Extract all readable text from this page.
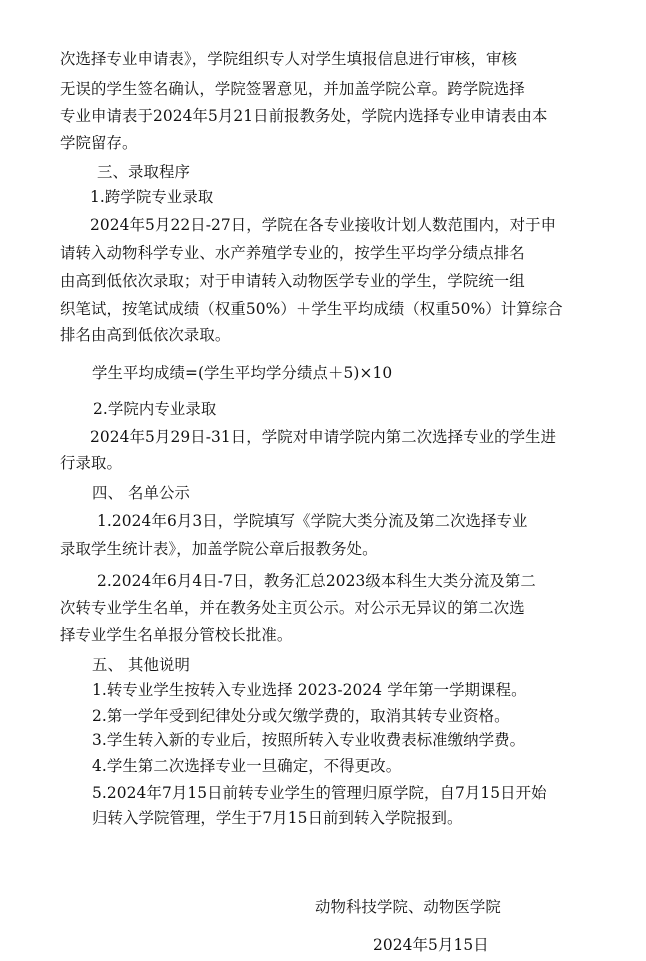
次选择专业申请表》，学院组织专人对学生填报信息进行审核，审核
无误的学生签名确认，学院签署意见，并加盖学院公章。跨学院选择
专业申请表于2024年5月21日前报教务处，学院内选择专业申请表由本
学院留存。
三、录取程序
1.跨学院专业录取
2024年5月22日-27日，学院在各专业接收计划人数范围内，对于申
请转入动物科学专业、水产养殖学专业的，按学生平均学分绩点排名
由高到低依次录取；对于申请转入动物医学专业的学生，学院统一组
织笔试，按笔试成绩（权重50%）＋学生平均成绩（权重50%）计算综合
排名由高到低依次录取。
学生平均成绩=(学生平均学分绩点＋5)×10
2.学院内专业录取
2024年5月29日-31日，学院对申请学院内第二次选择专业的学生进
行录取。
四、 名单公示
1.2024年6月3日，学院填写《学院大类分流及第二次选择专业
录取学生统计表》，加盖学院公章后报教务处。
2.2024年6月4日-7日，教务汇总2023级本科生大类分流及第二
次转专业学生名单，并在教务处主页公示。对公示无异议的第二次选
择专业学生名单报分管校长批准。
五、 其他说明
1.转专业学生按转入专业选择 2023-2024 学年第一学期课程。
2.第一学年受到纪律处分或欠缴学费的，取消其转专业资格。
3.学生转入新的专业后，按照所转入专业收费表标准缴纳学费。
4.学生第二次选择专业一旦确定，不得更改。
5.2024年7月15日前转专业学生的管理归原学院，自7月15日开始
归转入学院管理，学生于7月15日前到转入学院报到。
动物科技学院、动物医学院
2024年5月15日
